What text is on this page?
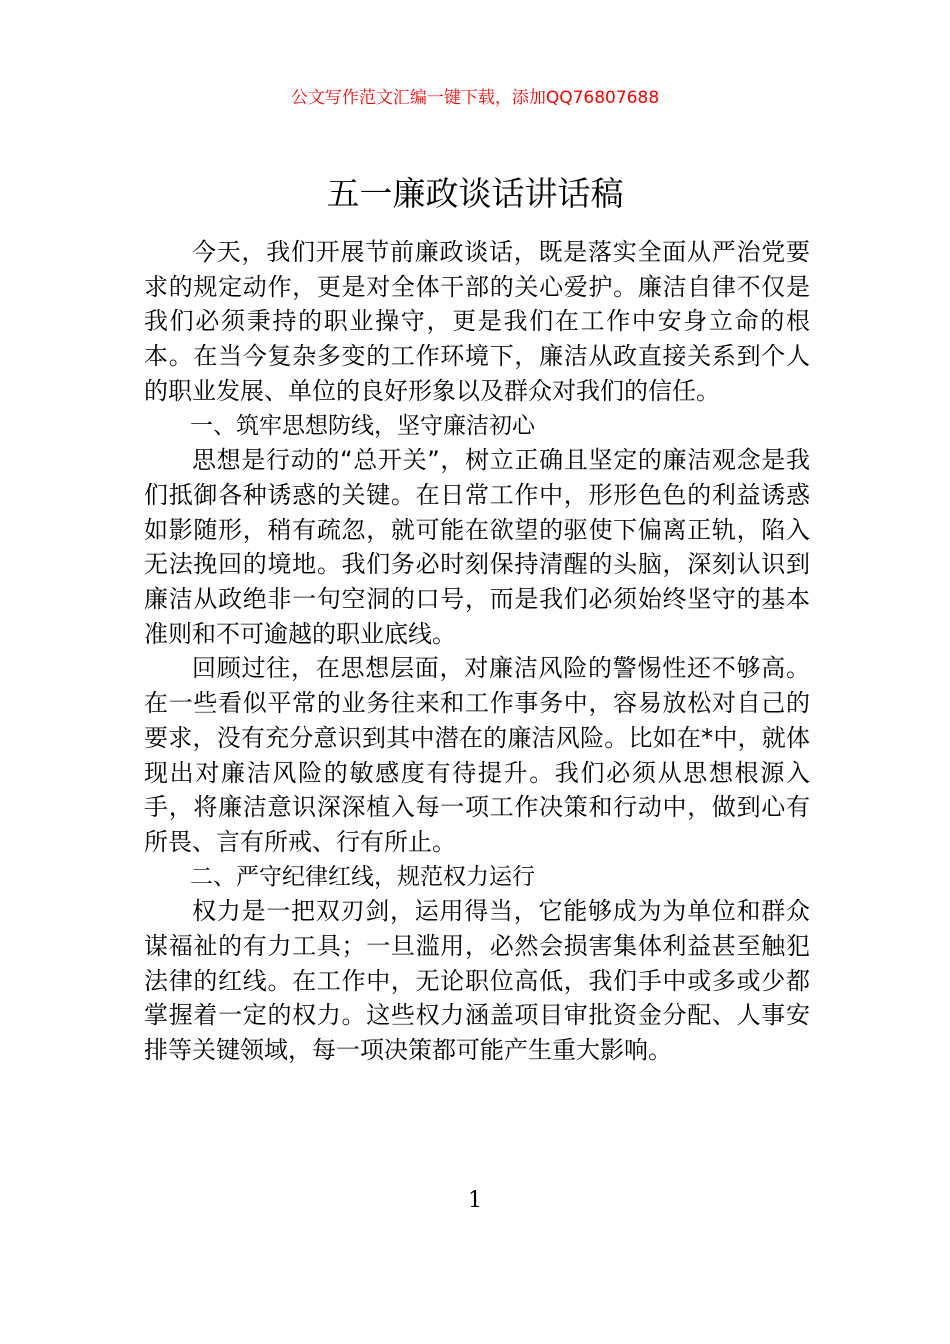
公文写作范文汇编一键下载，添加QQ76807688
五一廉政谈话讲话稿

今天，我们开展节前廉政谈话，既是落实全面从严治党要求的规定动作，更是对全体干部的关心爱护。廉洁自律不仅是我们必须秉持的职业操守，更是我们在工作中安身立命的根本。在当今复杂多变的工作环境下，廉洁从政直接关系到个人的职业发展、单位的良好形象以及群众对我们的信任。

一、筑牢思想防线，坚守廉洁初心

思想是行动的“总开关”，树立正确且坚定的廉洁观念是我们抵御各种诱惑的关键。在日常工作中，形形色色的利益诱惑如影随形，稍有疏忽，就可能在欲望的驱使下偏离正轨，陷入无法挽回的境地。我们务必时刻保持清醒的头脑，深刻认识到廉洁从政绝非一句空洞的口号，而是我们必须始终坚守的基本准则和不可逾越的职业底线。

回顾过往，在思想层面，对廉洁风险的警惕性还不够高。在一些看似平常的业务往来和工作事务中，容易放松对自己的要求，没有充分意识到其中潜在的廉洁风险。比如在*中，就体现出对廉洁风险的敏感度有待提升。我们必须从思想根源入手，将廉洁意识深深植入每一项工作决策和行动中，做到心有所畏、言有所戒、行有所止。

二、严守纪律红线，规范权力运行

权力是一把双刃剑，运用得当，它能够成为为单位和群众谋福祉的有力工具；一旦滥用，必然会损害集体利益甚至触犯法律的红线。在工作中，无论职位高低，我们手中或多或少都掌握着一定的权力。这些权力涵盖项目审批资金分配、人事安排等关键领域，每一项决策都可能产生重大影响。

1
